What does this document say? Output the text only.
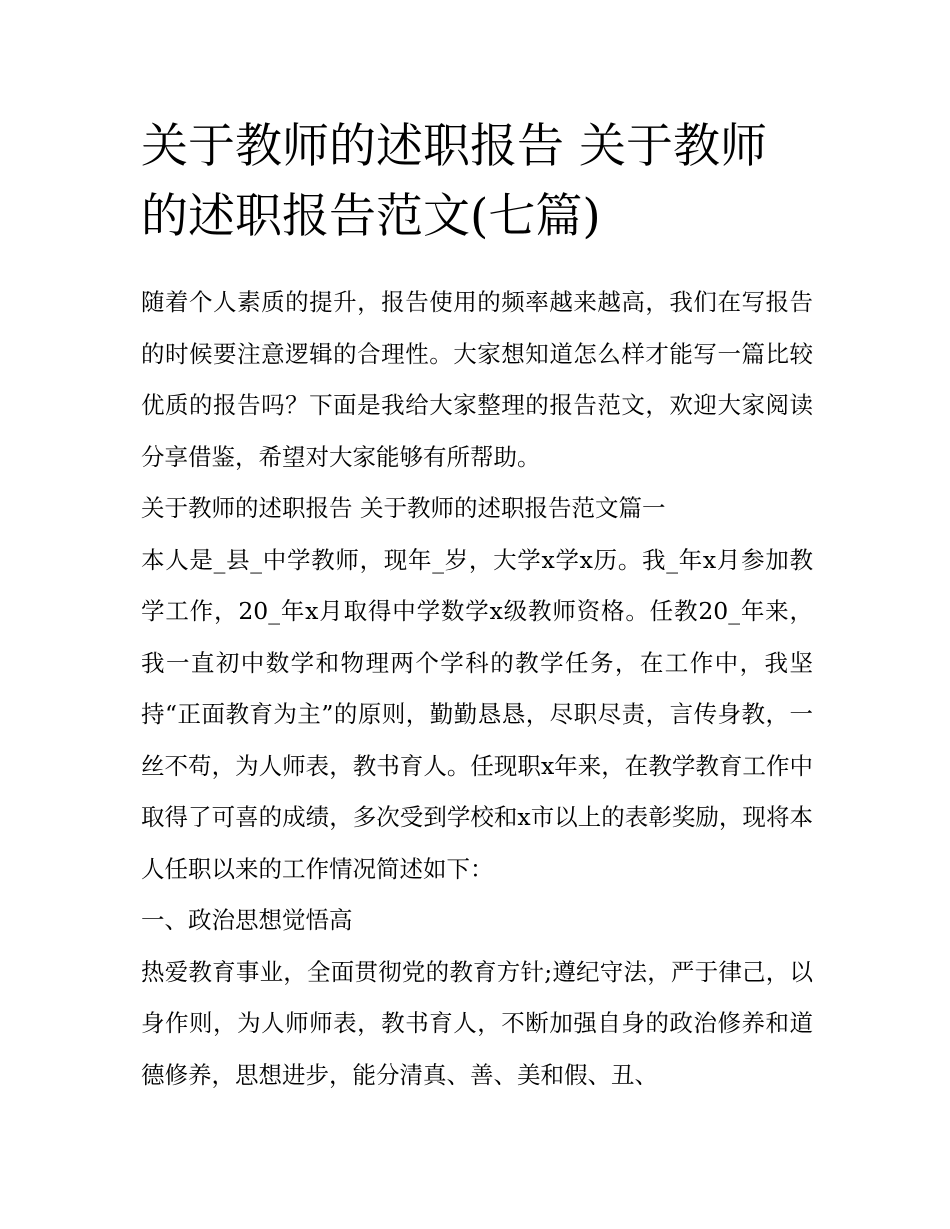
关于教师的述职报告 关于教师的述职报告范文(七篇)

随着个人素质的提升，报告使用的频率越来越高，我们在写报告的时候要注意逻辑的合理性。大家想知道怎么样才能写一篇比较优质的报告吗？下面是我给大家整理的报告范文，欢迎大家阅读分享借鉴，希望对大家能够有所帮助。

关于教师的述职报告 关于教师的述职报告范文篇一

本人是_县_中学教师，现年_岁，大学x学x历。我_年x月参加教学工作，20_年x月取得中学数学x级教师资格。任教20_年来，我一直初中数学和物理两个学科的教学任务，在工作中，我坚持“正面教育为主”的原则，勤勤恳恳，尽职尽责，言传身教，一丝不苟，为人师表，教书育人。任现职x年来，在教学教育工作中取得了可喜的成绩，多次受到学校和x市以上的表彰奖励，现将本人任职以来的工作情况简述如下：

一、政治思想觉悟高

热爱教育事业，全面贯彻党的教育方针;遵纪守法，严于律己，以身作则，为人师师表，教书育人，不断加强自身的政治修养和道德修养，思想进步，能分清真、善、美和假、丑、
